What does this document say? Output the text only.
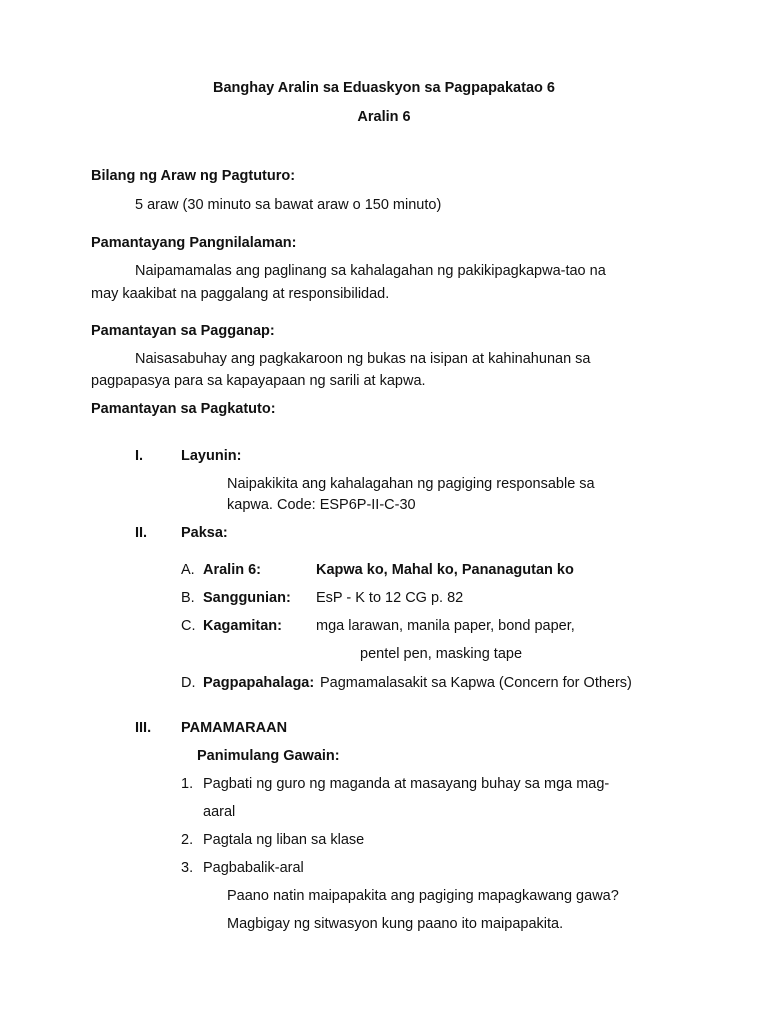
Banghay Aralin sa Eduaskyon sa Pagpapakatao 6
Aralin 6
Bilang ng Araw ng Pagtuturo:
5 araw (30 minuto sa bawat araw o 150 minuto)
Pamantayang Pangnilalaman:
Naipamamalas ang paglinang sa kahalagahan ng pakikipagkapwa-tao na
may kaakibat na paggalang at responsibilidad.
Pamantayan sa Pagganap:
Naisasabuhay ang pagkakaroon ng bukas na isipan at kahinahunan sa
pagpapasya para sa kapayapaan ng sarili at kapwa.
Pamantayan sa Pagkatuto:
I.	Layunin:
Naipakikita ang kahalagahan ng pagiging responsable sa
kapwa. Code: ESP6P-II-C-30
II. Paksa:
A. Aralin 6:	Kapwa ko, Mahal ko, Pananagutan ko
B. Sanggunian: EsP - K to 12 CG p. 82
C. Kagamitan: mga larawan, manila paper, bond paper,
pentel pen, masking tape
D. Pagpapahalaga: Pagmamalasakit sa Kapwa (Concern for Others)
III. PAMAMARAAN
Panimulang Gawain:
1. Pagbati ng guro ng maganda at masayang buhay sa mga mag-
aaral
2. Pagtala ng liban sa klase
3. Pagbabalik-aral
Paano natin maipapakita ang pagiging mapagkawang gawa?
Magbigay ng sitwasyon kung paano ito maipapakita.
